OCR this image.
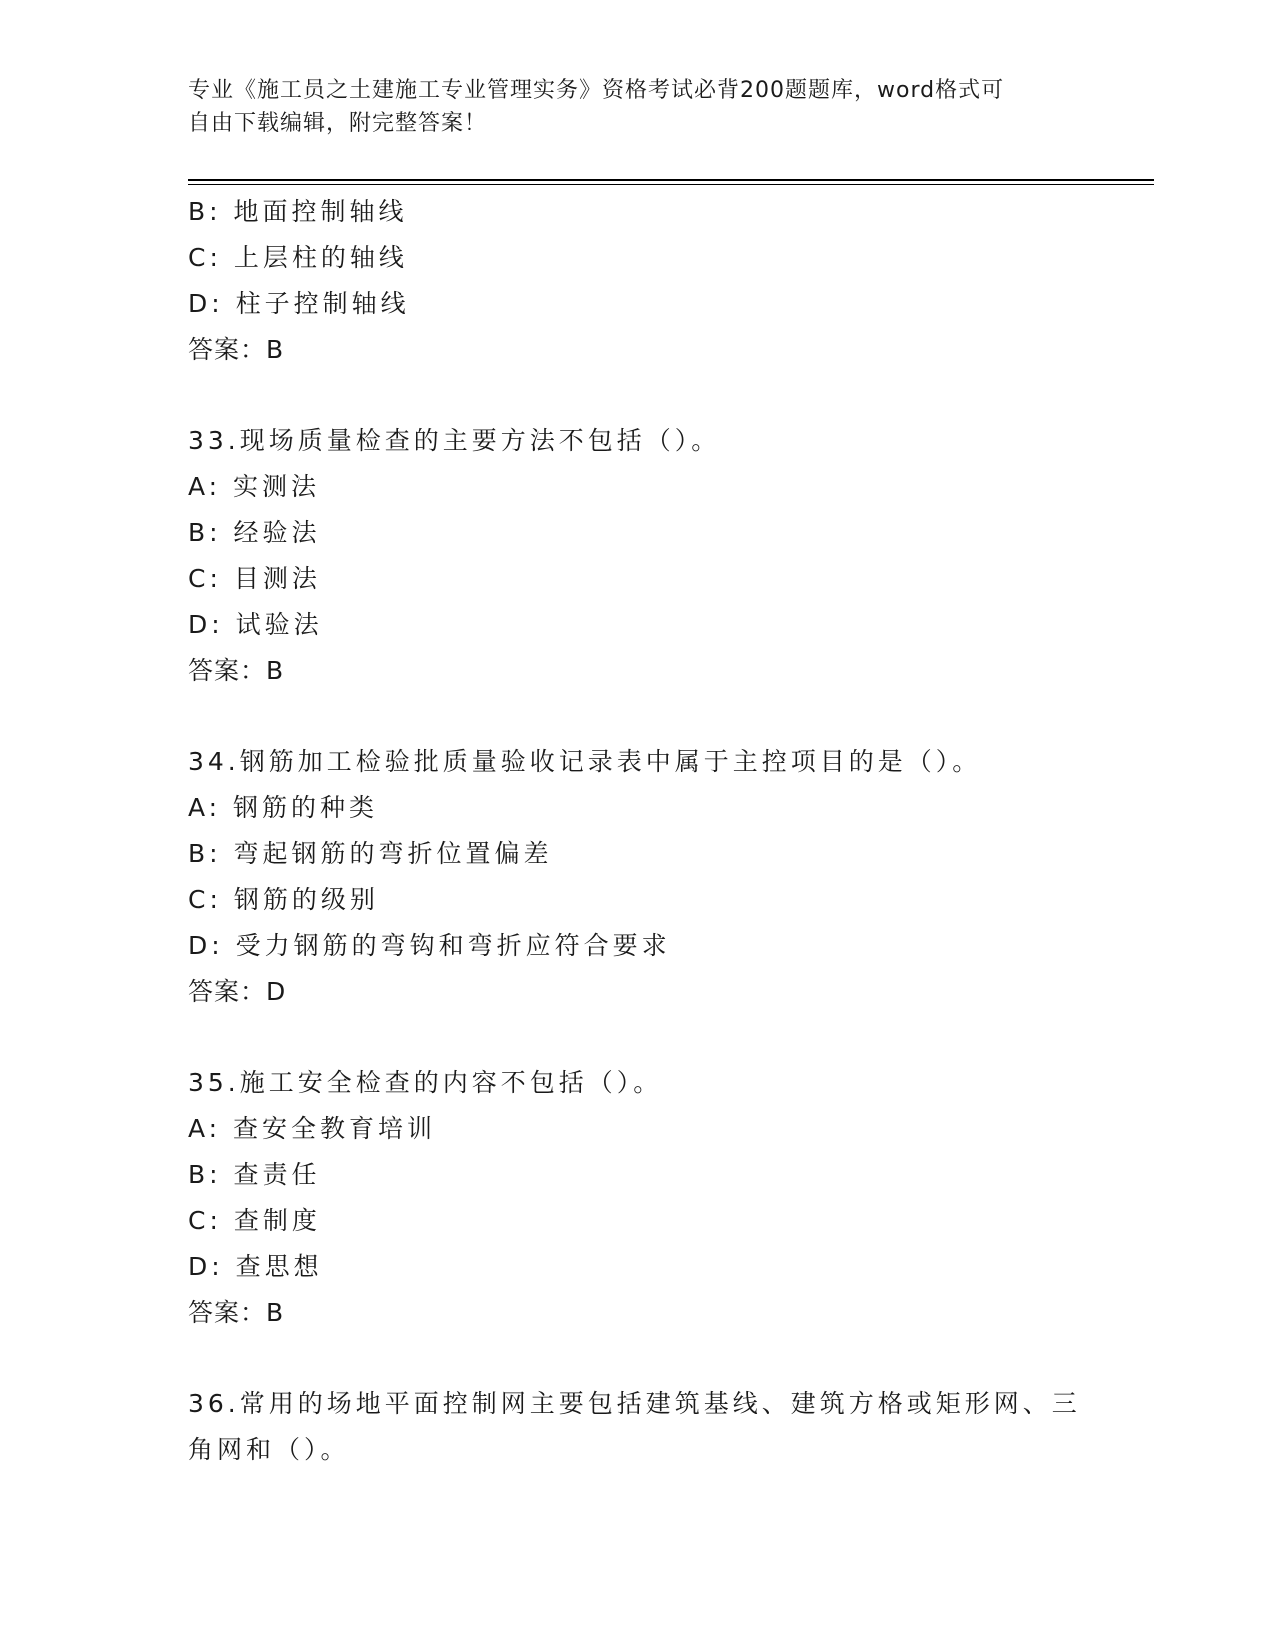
专业《施工员之土建施工专业管理实务》资格考试必背200题题库，word格式可
自由下载编辑，附完整答案！
B: 地面控制轴线
C: 上层柱的轴线
D: 柱子控制轴线
答案：B
33.现场质量检查的主要方法不包括（）。
A: 实测法
B: 经验法
C: 目测法
D: 试验法
答案：B
34.钢筋加工检验批质量验收记录表中属于主控项目的是（）。
A: 钢筋的种类
B: 弯起钢筋的弯折位置偏差
C: 钢筋的级别
D: 受力钢筋的弯钩和弯折应符合要求
答案：D
35.施工安全检查的内容不包括（）。
A: 查安全教育培训
B: 查责任
C: 查制度
D: 查思想
答案：B
36.常用的场地平面控制网主要包括建筑基线、建筑方格或矩形网、三
角网和（）。
